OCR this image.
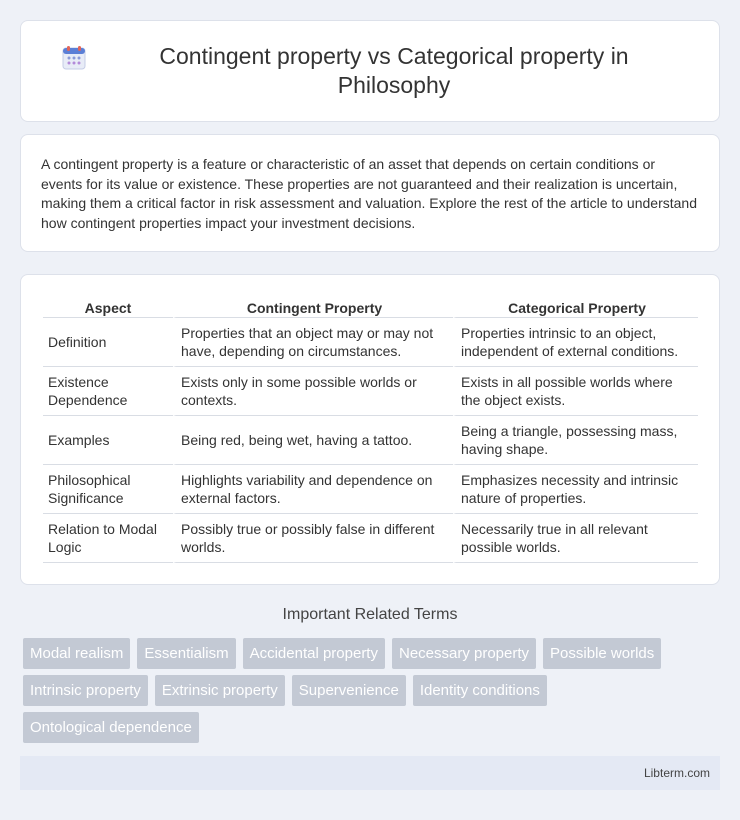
Contingent property vs Categorical property in Philosophy

A contingent property is a feature or characteristic of an asset that depends on certain conditions or events for its value or existence. These properties are not guaranteed and their realization is uncertain, making them a critical factor in risk assessment and valuation. Explore the rest of the article to understand how contingent properties impact your investment decisions.

Aspect	Contingent Property	Categorical Property
Definition	Properties that an object may or may not have, depending on circumstances.	Properties intrinsic to an object, independent of external conditions.
Existence Dependence	Exists only in some possible worlds or contexts.	Exists in all possible worlds where the object exists.
Examples	Being red, being wet, having a tattoo.	Being a triangle, possessing mass, having shape.
Philosophical Significance	Highlights variability and dependence on external factors.	Emphasizes necessity and intrinsic nature of properties.
Relation to Modal Logic	Possibly true or possibly false in different worlds.	Necessarily true in all relevant possible worlds.
Important Related Terms
Modal realism	Essentialism	Accidental property	Necessary property	Possible worlds
Intrinsic property	Extrinsic property	Supervenience	Identity conditions
Ontological dependence
Libterm.com
